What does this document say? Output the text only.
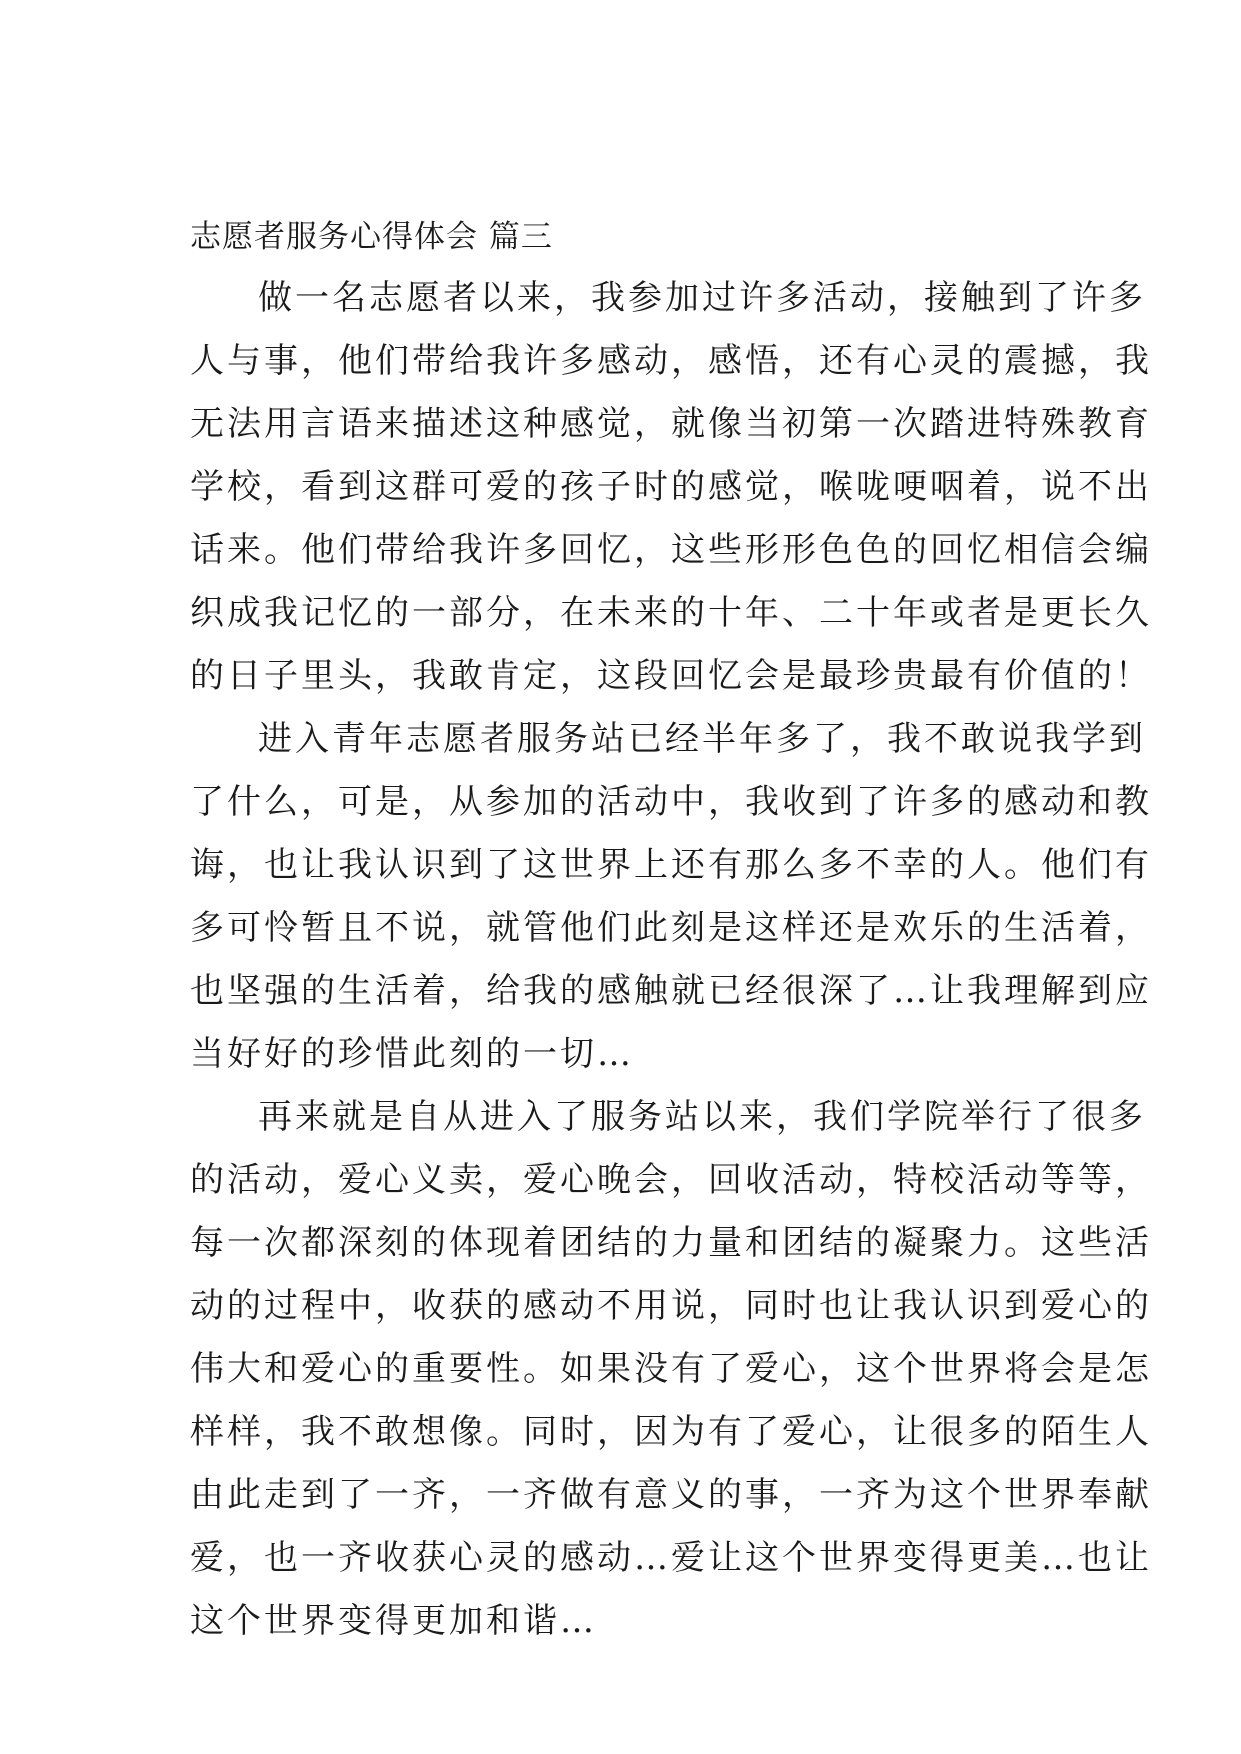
志愿者服务心得体会 篇三
做一名志愿者以来，我参加过许多活动，接触到了许多
人与事，他们带给我许多感动，感悟，还有心灵的震撼，我
无法用言语来描述这种感觉，就像当初第一次踏进特殊教育
学校，看到这群可爱的孩子时的感觉，喉咙哽咽着，说不出
话来。他们带给我许多回忆，这些形形色色的回忆相信会编
织成我记忆的一部分，在未来的十年、二十年或者是更长久
的日子里头，我敢肯定，这段回忆会是最珍贵最有价值的！
进入青年志愿者服务站已经半年多了，我不敢说我学到
了什么，可是，从参加的活动中，我收到了许多的感动和教
诲，也让我认识到了这世界上还有那么多不幸的人。他们有
多可怜暂且不说，就管他们此刻是这样还是欢乐的生活着，
也坚强的生活着，给我的感触就已经很深了…让我理解到应
当好好的珍惜此刻的一切…
再来就是自从进入了服务站以来，我们学院举行了很多
的活动，爱心义卖，爱心晚会，回收活动，特校活动等等，
每一次都深刻的体现着团结的力量和团结的凝聚力。这些活
动的过程中，收获的感动不用说，同时也让我认识到爱心的
伟大和爱心的重要性。如果没有了爱心，这个世界将会是怎
样样，我不敢想像。同时，因为有了爱心，让很多的陌生人
由此走到了一齐，一齐做有意义的事，一齐为这个世界奉献
爱，也一齐收获心灵的感动…爱让这个世界变得更美…也让
这个世界变得更加和谐…
